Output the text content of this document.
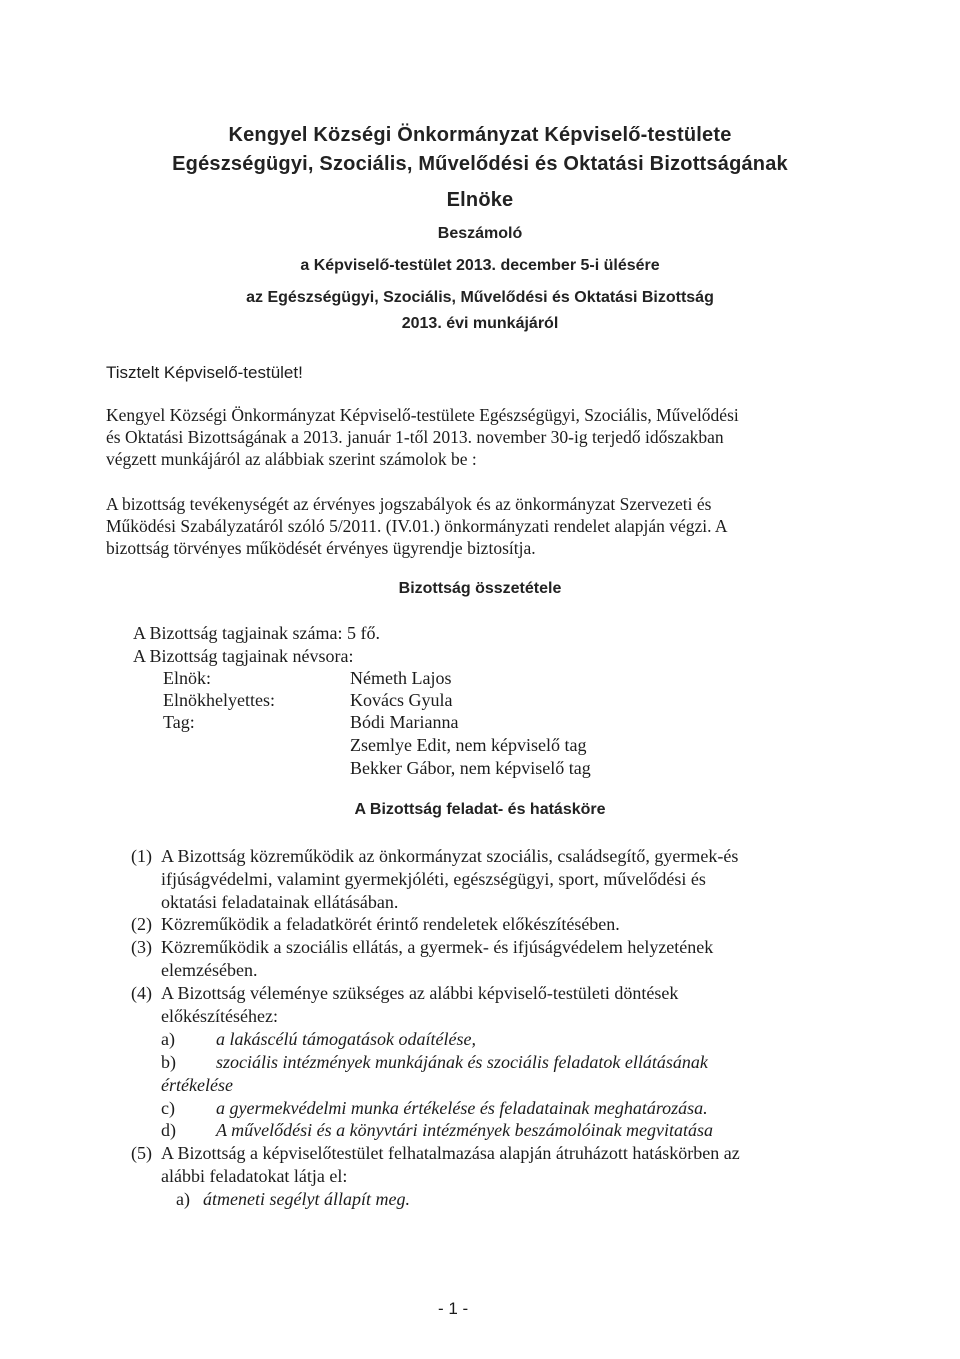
Kengyel Községi Önkormányzat Képviselő-testülete
Egészségügyi, Szociális, Művelődési és Oktatási Bizottságának
Elnöke
Beszámoló
a Képviselő-testület 2013. december 5-i ülésére
az Egészségügyi, Szociális, Művelődési és Oktatási Bizottság
2013. évi munkájáról
Tisztelt Képviselő-testület!
Kengyel Községi Önkormányzat Képviselő-testülete Egészségügyi, Szociális, Művelődési
és Oktatási Bizottságának a 2013. január 1-től 2013. november 30-ig terjedő időszakban
végzett munkájáról az alábbiak szerint számolok be :
A bizottság tevékenységét az érvényes jogszabályok és az önkormányzat Szervezeti és
Működési Szabályzatáról szóló 5/2011. (IV.01.) önkormányzati rendelet alapján végzi. A
bizottság törvényes működését érvényes ügyrendje biztosítja.
Bizottság összetétele
A Bizottság tagjainak száma: 5 fő.
A Bizottság tagjainak névsora:
Elnök:	Németh Lajos
Elnökhelyettes:	Kovács Gyula
Tag:	Bódi Marianna
Zsemlye Edit, nem képviselő tag
Bekker Gábor, nem képviselő tag
A Bizottság feladat- és hatásköre
(1) A Bizottság közreműködik az önkormányzat szociális, családsegítő, gyermek-és
ifjúságvédelmi, valamint gyermekjóléti, egészségügyi, sport, művelődési és
oktatási feladatainak ellátásában.
(2) Közreműködik a feladatkörét érintő rendeletek előkészítésében.
(3) Közreműködik a szociális ellátás, a gyermek- és ifjúságvédelem helyzetének
elemzésében.
(4) A Bizottság véleménye szükséges az alábbi képviselő-testületi döntések
előkészítéséhez:
a) a lakáscélú támogatások odaítélése,
b) szociális intézmények munkájának és szociális feladatok ellátásának
értékelése
c) a gyermekvédelmi munka értékelése és feladatainak meghatározása.
d) A művelődési és a könyvtári intézmények beszámolóinak megvitatása
(5) A Bizottság a képviselőtestület felhatalmazása alapján átruházott hatáskörben az
alábbi feladatokat látja el:
a) átmeneti segélyt állapít meg.
- 1 -
